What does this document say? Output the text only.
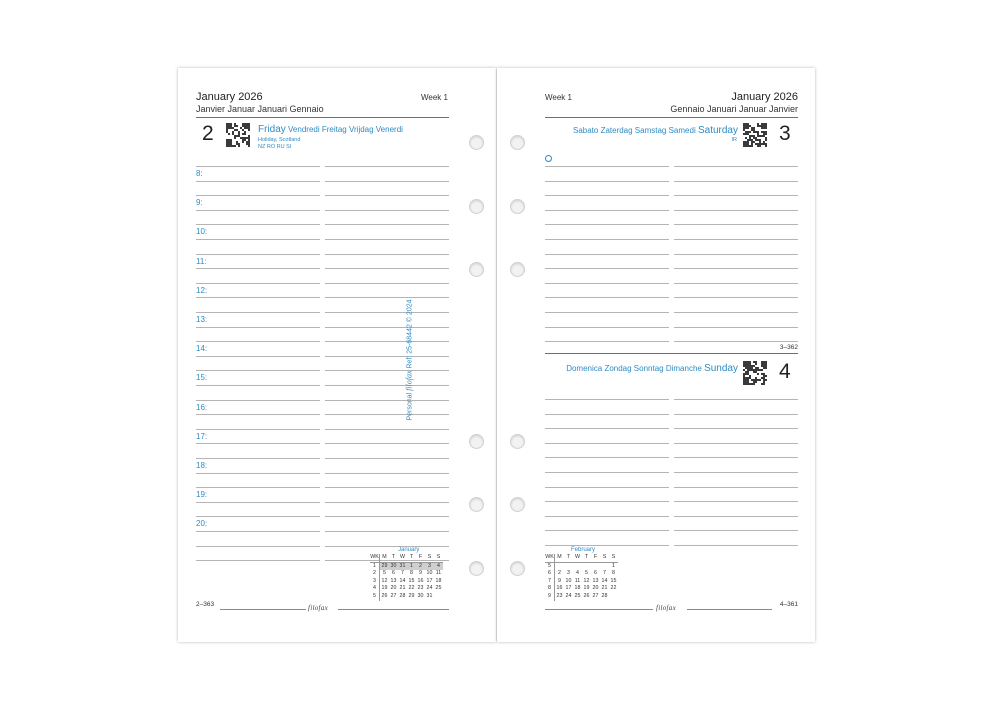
January 2026
Janvier Januar Januari Gennaio
Week 1
2	Friday Vendredi Freitag Vrijdag Venerdi
Holiday, Scotland
NZ RO RU SI
8:
9:
10:
11:
12:
13:
14:
15:
16:
17:
18:
19:
20:
January
WK	M	T	W	T	F	S	S
1	29	30	31	1	2	3	4
2	5	6	7	8	9	10	11
3	12	13	14	15	16	17	18
4	19	20	21	22	23	24	25
5	26	27	28	29	30	31	
2–363	filofax
Week 1	January 2026
Gennaio Januari Januar Janvier
Sabato Zaterdag Samstag Samedi Saturday
IR 3
3–362
Domenica Zondag Sonntag Dimanche Sunday 4
February
WK	M	T	W	T	F	S	S
5							1
6	2	3	4	5	6	7	8
7	9	10	11	12	13	14	15
8	16	17	18	19	20	21	22
9	23	24	25	26	27	28	
filofax	4–361
Personal filofax Ref: 25-68442 © 2024
